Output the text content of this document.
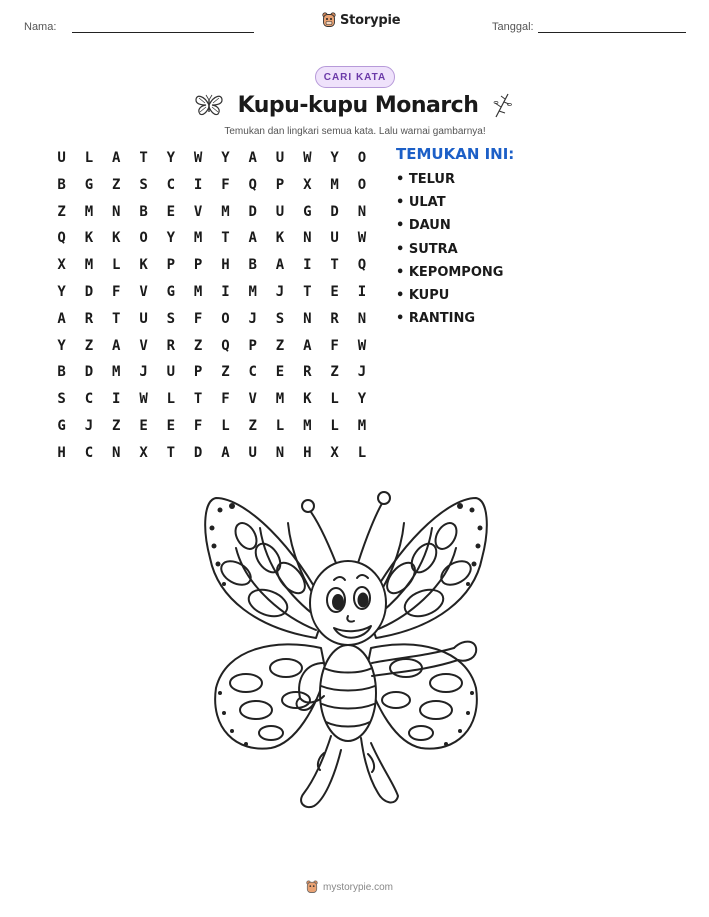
Nama:	Storypie	Tanggal:
CARI KATA
Kupu-kupu Monarch
Temukan dan lingkari semua kata. Lalu warnai gambarnya!
U	L	A	T	Y	W	Y	A	U	W	Y	O
B	G	Z	S	C	I	F	Q	P	X	M	O
Z	M	N	B	E	V	M	D	U	G	D	N
Q	K	K	O	Y	M	T	A	K	N	U	W
X	M	L	K	P	P	H	B	A	I	T	Q
Y	D	F	V	G	M	I	M	J	T	E	I
A	R	T	U	S	F	O	J	S	N	R	N
Y	Z	A	V	R	Z	Q	P	Z	A	F	W
B	D	M	J	U	P	Z	C	E	R	Z	J
S	C	I	W	L	T	F	V	M	K	L	Y
G	J	Z	E	E	F	L	Z	L	M	L	M
H	C	N	X	T	D	A	U	N	H	X	L
TEMUKAN INI:
• TELUR
• ULAT
• DAUN
• SUTRA
• KEPOMPONG
• KUPU
• RANTING
mystorypie.com
